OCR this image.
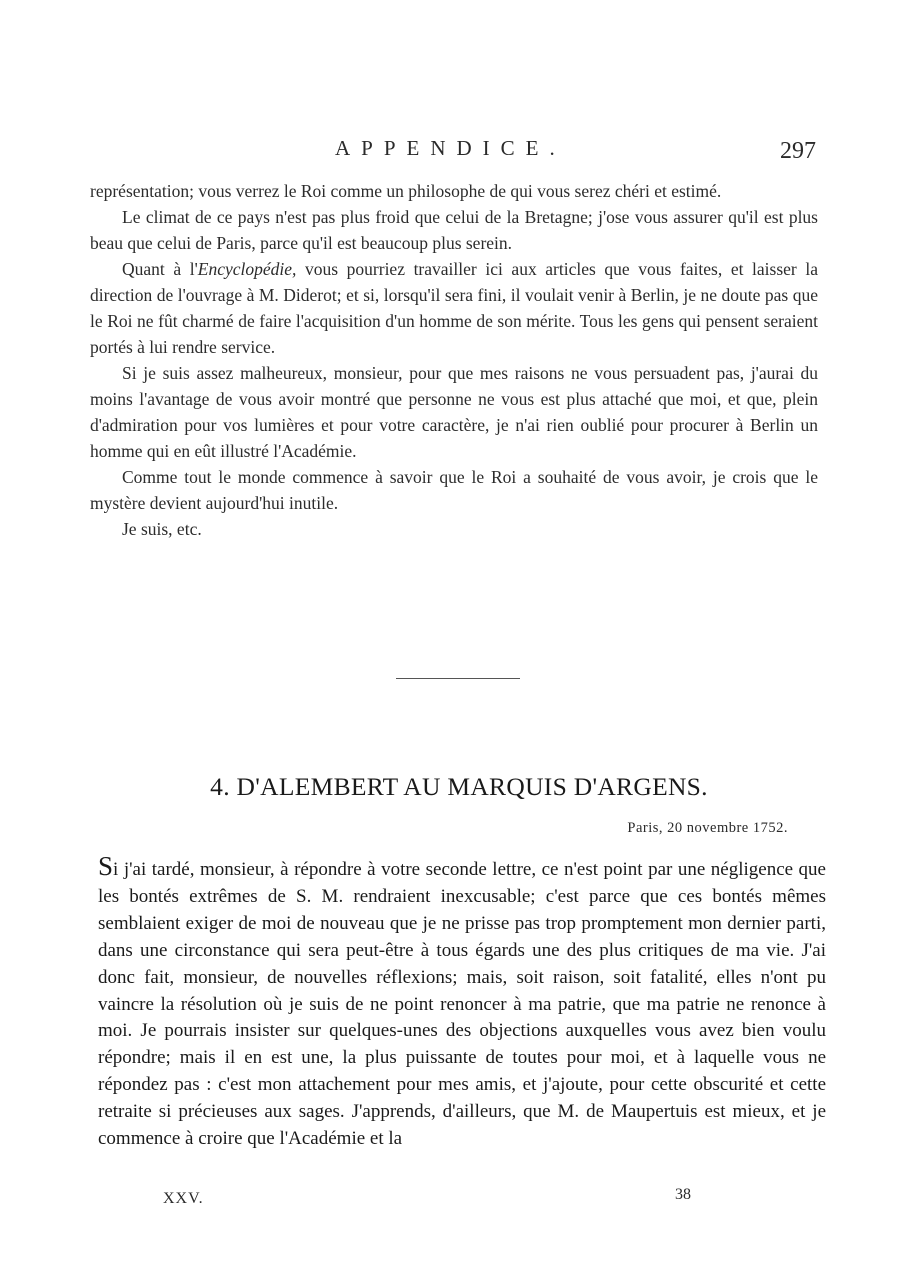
APPENDICE.	297

représentation; vous verrez le Roi comme un philosophe de qui vous serez chéri et estimé.

Le climat de ce pays n'est pas plus froid que celui de la Bretagne; j'ose vous assurer qu'il est plus beau que celui de Paris, parce qu'il est beaucoup plus serein.

Quant à l'Encyclopédie, vous pourriez travailler ici aux articles que vous faites, et laisser la direction de l'ouvrage à M. Diderot; et si, lorsqu'il sera fini, il voulait venir à Berlin, je ne doute pas que le Roi ne fût charmé de faire l'acquisition d'un homme de son mérite. Tous les gens qui pensent seraient portés à lui rendre service.

Si je suis assez malheureux, monsieur, pour que mes raisons ne vous persuadent pas, j'aurai du moins l'avantage de vous avoir montré que personne ne vous est plus attaché que moi, et que, plein d'admiration pour vos lumières et pour votre caractère, je n'ai rien oublié pour procurer à Berlin un homme qui en eût illustré l'Académie.

Comme tout le monde commence à savoir que le Roi a souhaité de vous avoir, je crois que le mystère devient aujourd'hui inutile.

Je suis, etc.

4. D'ALEMBERT AU MARQUIS D'ARGENS.
Paris, 20 novembre 1752.
Si j'ai tardé, monsieur, à répondre à votre seconde lettre, ce n'est point par une négligence que les bontés extrêmes de S. M. rendraient inexcusable; c'est parce que ces bontés mêmes semblaient exiger de moi de nouveau que je ne prisse pas trop promptement mon dernier parti, dans une circonstance qui sera peut-être à tous égards une des plus critiques de ma vie. J'ai donc fait, monsieur, de nouvelles réflexions; mais, soit raison, soit fatalité, elles n'ont pu vaincre la résolution où je suis de ne point renoncer à ma patrie, que ma patrie ne renonce à moi. Je pourrais insister sur quelques-unes des objections auxquelles vous avez bien voulu répondre; mais il en est une, la plus puissante de toutes pour moi, et à laquelle vous ne répondez pas : c'est mon attachement pour mes amis, et j'ajoute, pour cette obscurité et cette retraite si précieuses aux sages. J'apprends, d'ailleurs, que M. de Maupertuis est mieux, et je commence à croire que l'Académie et la
XXV.	38
